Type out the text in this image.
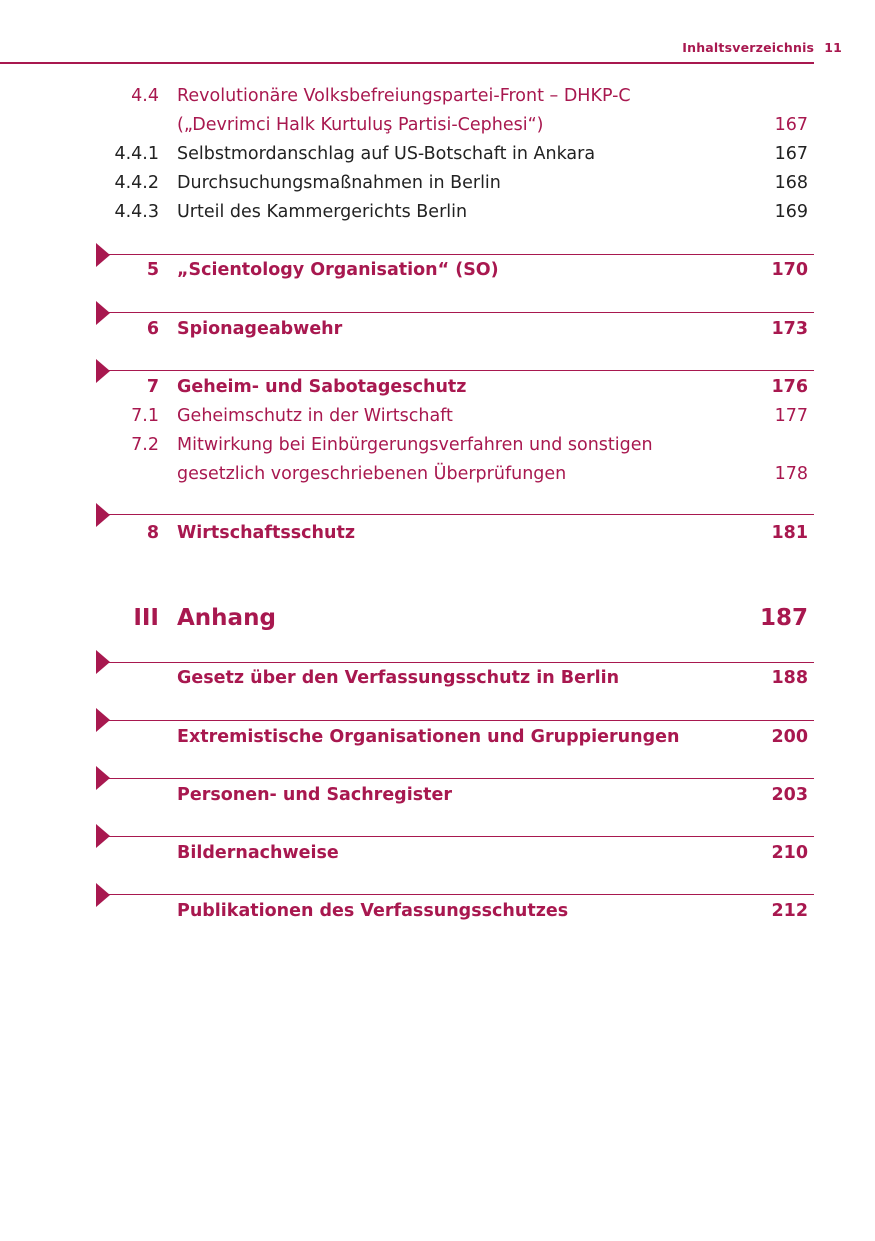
Inhaltsverzeichnis 11
4.4 Revolutionäre Volksbefreiungspartei-Front – DHKP-C
(„Devrimci Halk Kurtuluş Partisi-Cephesi“)	167
4.4.1 Selbstmordanschlag auf US-Botschaft in Ankara	167
4.4.2 Durchsuchungsmaßnahmen in Berlin	168
4.4.3 Urteil des Kammergerichts Berlin	169
5 „Scientology Organisation“ (SO)	170
6 Spionageabwehr	173
7 Geheim- und Sabotageschutz	176
7.1 Geheimschutz in der Wirtschaft	177
7.2 Mitwirkung bei Einbürgerungsverfahren und sonstigen
gesetzlich vorgeschriebenen Überprüfungen	178
8 Wirtschaftsschutz	181
III Anhang	187
Gesetz über den Verfassungsschutz in Berlin	188
Extremistische Organisationen und Gruppierungen	200
Personen- und Sachregister	203
Bildernachweise	210
Publikationen des Verfassungsschutzes	212
